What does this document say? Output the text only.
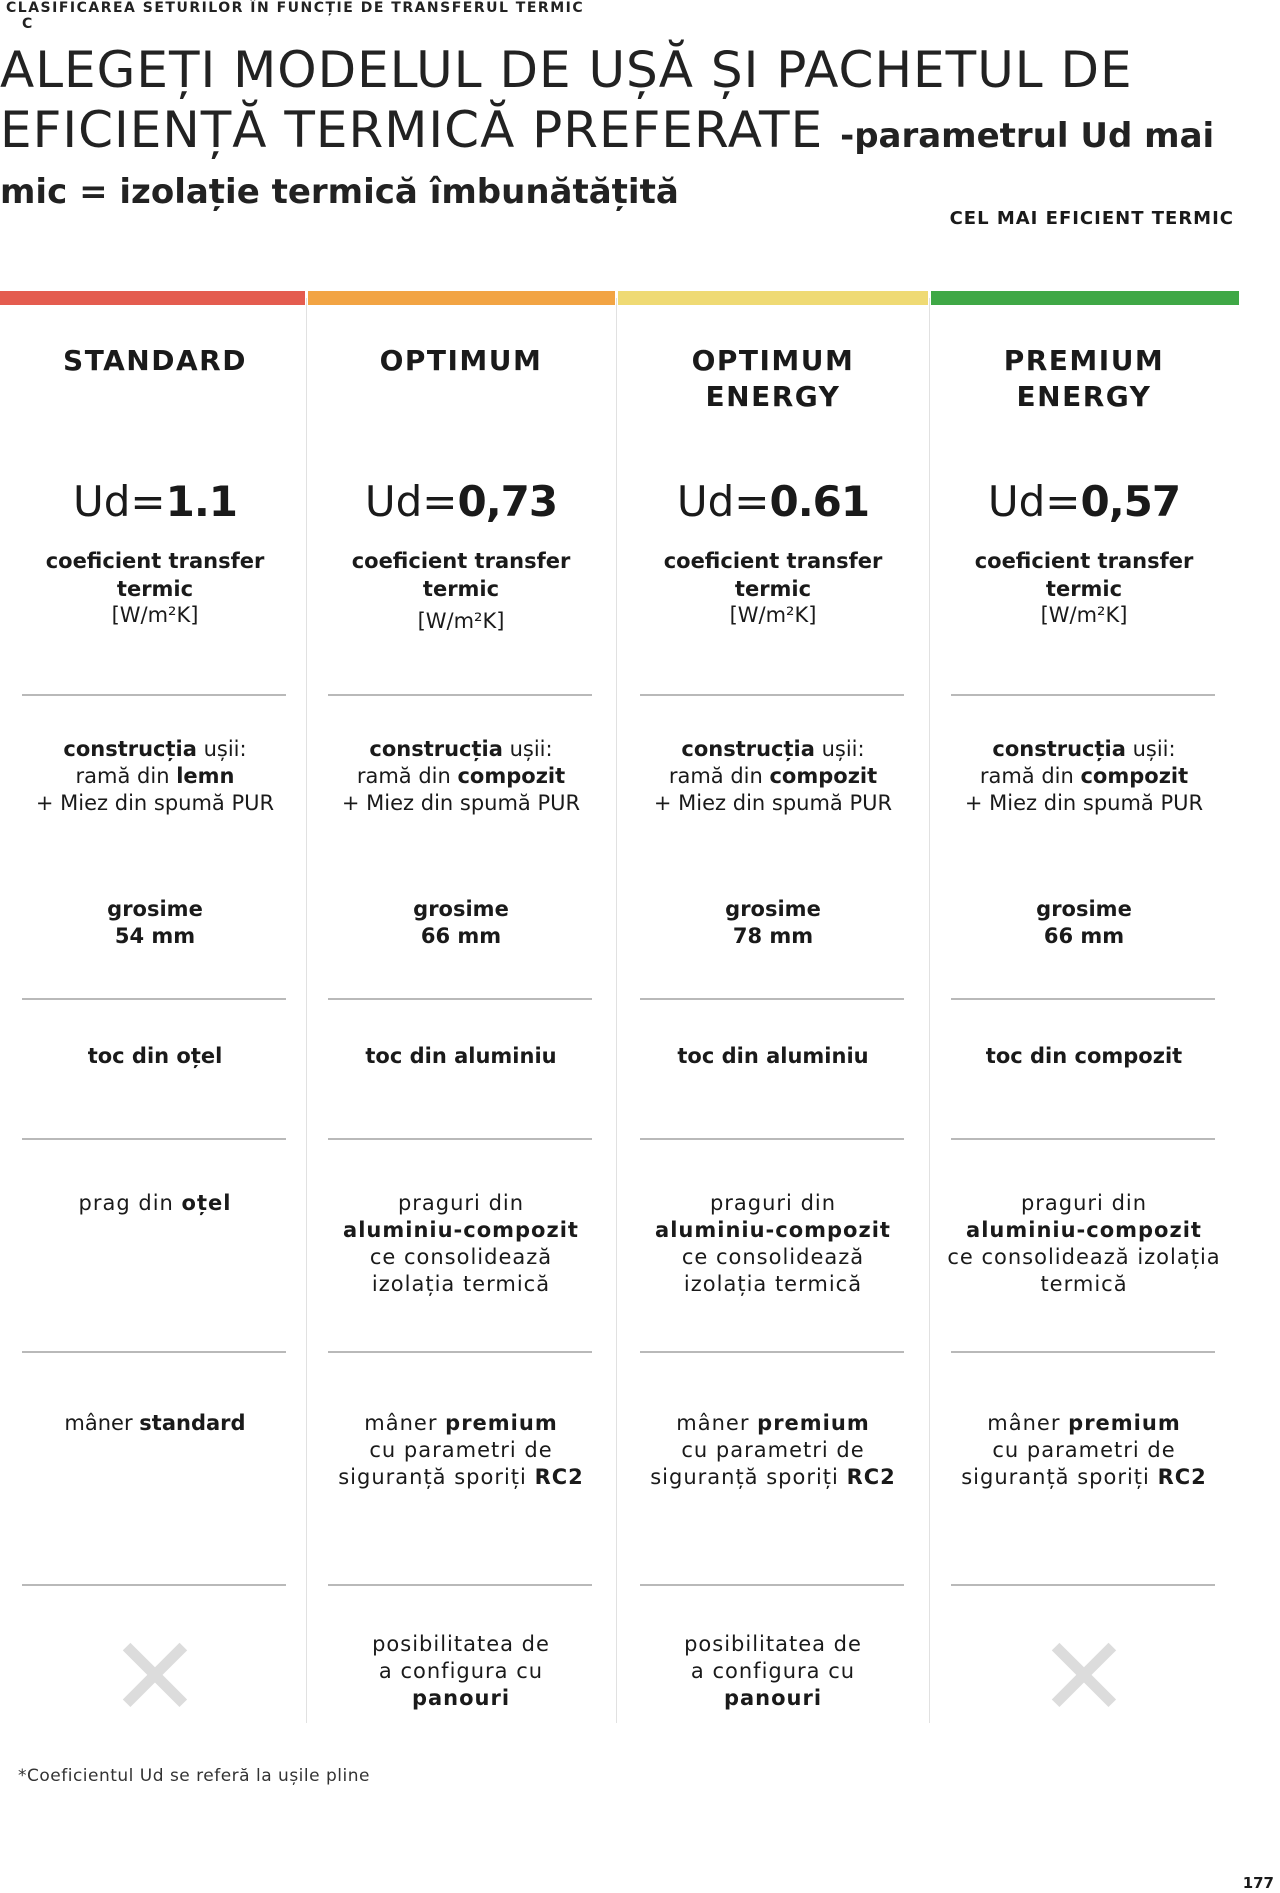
CLASIFICAREA SETURILOR ÎN FUNCȚIE DE TRANSFERUL TERMIC
C
ALEGEȚI MODELUL DE UȘĂ ȘI PACHETUL DE
EFICIENȚĂ TERMICĂ PREFERATE -parametrul Ud mai
mic = izolație termică îmbunătățită
CEL MAI EFICIENT TERMIC
STANDARD

Ud=1.1
coeficient transfer
termic
[W/m²K]
construcția ușii:
ramă din lemn
+ Miez din spumă PUR
grosime
54 mm
toc din oțel
prag din oțel
mâner standard
✕
OPTIMUM

Ud=0,73
coeficient transfer
termic
[W/m²K]
construcția ușii:
ramă din compozit
+ Miez din spumă PUR
grosime
66 mm
toc din aluminiu
praguri din
aluminiu-compozit
ce consolidează
izolația termică
mâner premium
cu parametri de
siguranță sporiți RC2
posibilitatea de
a configura cu
panouri
OPTIMUM
ENERGY
Ud=0.61
coeficient transfer
termic
[W/m²K]
construcția ușii:
ramă din compozit
+ Miez din spumă PUR
grosime
78 mm
toc din aluminiu
praguri din
aluminiu-compozit
ce consolidează
izolația termică
mâner premium
cu parametri de
siguranță sporiți RC2
posibilitatea de
a configura cu
panouri
PREMIUM
ENERGY
Ud=0,57
coeficient transfer
termic
[W/m²K]
construcția ușii:
ramă din compozit
+ Miez din spumă PUR
grosime
66 mm
toc din compozit
praguri din
aluminiu-compozit
ce consolidează izolația
termică
mâner premium
cu parametri de
siguranță sporiți RC2
✕
*Coeficientul Ud se referă la ușile pline
177
